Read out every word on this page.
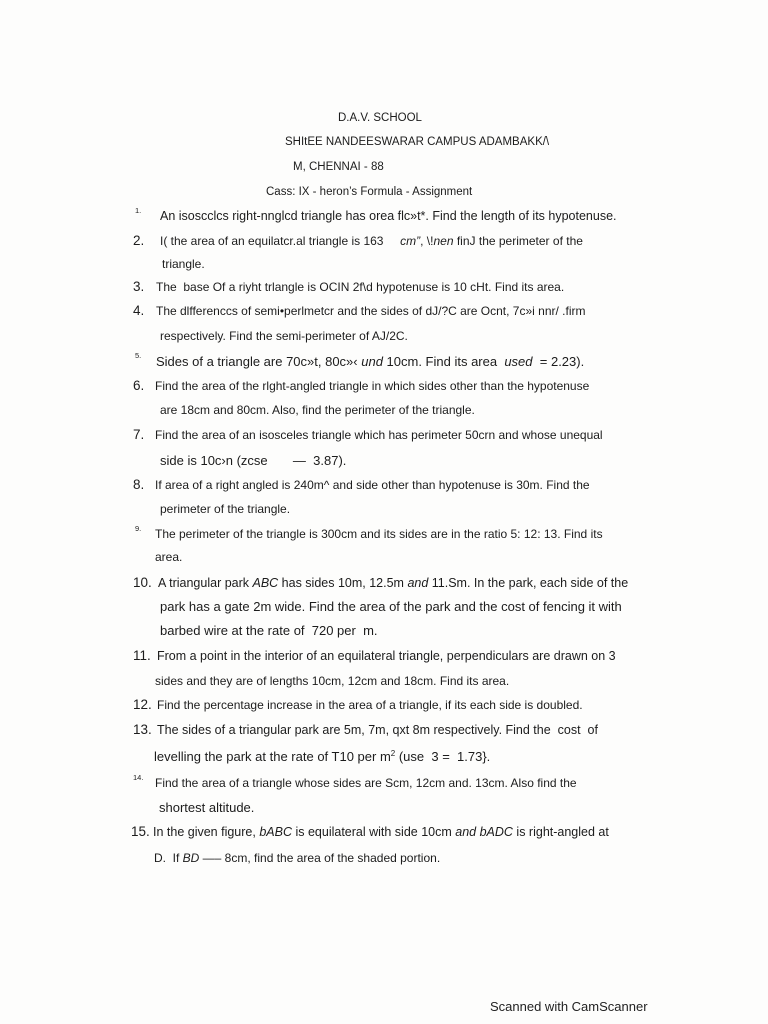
D.A.V. SCHOOL
SHItEE NANDEESWARAR CAMPUS ADAMBAKK/\
M, CHENNAI - 88
Cass: IX - heron’s Formula - Assignment
1. An isoscclcs right-nnglcd triangle has orea flc»t*. Find the length of its hypotenuse.
2. I( the area of an equilatcr.al triangle is 163     cm”, \!nen finJ the perimeter of the
triangle.
3. The  base Of a riyht trlangle is OCIN 2f\d hypotenuse is 10 cHt. Find its area.
4. The dlfferenccs of semi•perlmetcr and the sides of dJ/?C are Ocnt, 7c»i nnr/ .firm
respectively. Find the semi-perimeter of AJ/2C.
5. Sides of a triangle are 70c»t, 80c»‹ und 10cm. Find its area  used  = 2.23).
6. Find the area of the rlght-angled triangle in which sides other than the hypotenuse
are 18cm and 80cm. Also, find the perimeter of the triangle.
7. Find the area of an isosceles triangle which has perimeter 50crn and whose unequal
side is 10c›n (zcse       —  3.87).
8. If area of a right angled is 240m^ and side other than hypotenuse is 30m. Find the
perimeter of the triangle.
9. The perimeter of the triangle is 300cm and its sides are in the ratio 5: 12: 13. Find its
area.
10. A triangular park ABC has sides 10m, 12.5m and 11.Sm. In the park, each side of the
park has a gate 2m wide. Find the area of the park and the cost of fencing it with
barbed wire at the rate of  720 per  m.
11. From a point in the interior of an equilateral triangle, perpendiculars are drawn on 3
sides and they are of lengths 10cm, 12cm and 18cm. Find its area.
12. Find the percentage increase in the area of a triangle, if its each side is doubled.
13. The sides of a triangular park are 5m, 7m, qxt 8m respectively. Find the  cost  of
levelling the park at the rate of T10 per $m^2$ (use  3 =  1.73}.
14. Find the area of a triangle whose sides are Scm, 12cm and. 13cm. Also find the
shortest altitude.
15. In the given figure, bABC is equilateral with side 10cm and bADC is right-angled at
D.  If BD —– 8cm, find the area of the shaded portion.
Scanned with CamScanner
